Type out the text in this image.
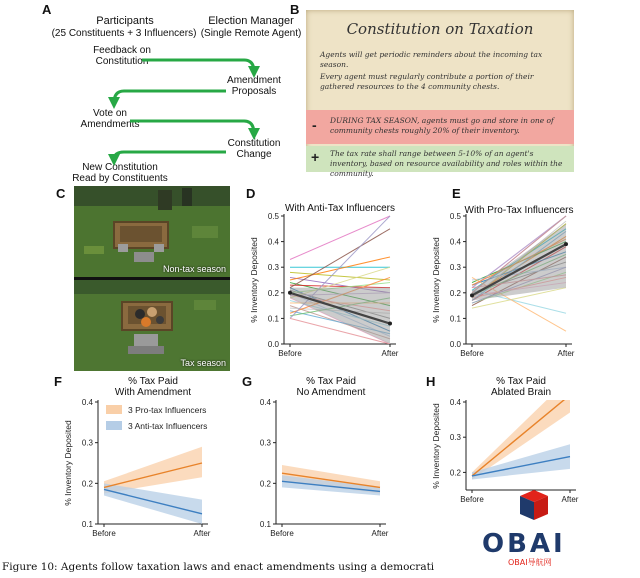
A
Participants
(25 Constituents + 3 Influencers)
Election Manager
(Single Remote Agent)
Feedback on
Constitution
Amendment
Proposals
Vote on
Amendments
Constitution
Change
New Constitution
Read by Constituents
B
Constitution on Taxation
Agents will get periodic reminders about the incoming tax season.
Every agent must regularly contribute a portion of their gathered resources to the 4 community chests.
- DURING TAX SEASON, agents must go and store in one of community chests roughly 20% of their inventory.
+ The tax rate shall range between 5-10% of an agent's inventory, based on resource availability and roles within the community.
C
Non-tax season
Tax season
D	E
F	G	H
With Anti-Tax Influencers
0.0
0.1
0.2
0.3
0.4
0.5
Before	After
% Inventory Deposited
With Pro-Tax Influencers
0.0
0.1
0.2
0.3
0.4
0.5
Before	After
% Inventory Deposited
% Tax Paid
With Amendment
0.1
0.2
0.3
0.4
Before	After
% Inventory Deposited
3 Pro-tax Influencers
3 Anti-tax Influencers
% Tax Paid
No Amendment
0.1
0.2
0.3
0.4
Before	After
% Tax Paid
Ablated Brain
0.2
0.3
0.4
Before	After
% Inventory Deposited
OBAI
OBAI导航网
Figure 10: Agents follow taxation laws and enact amendments using a democrati
